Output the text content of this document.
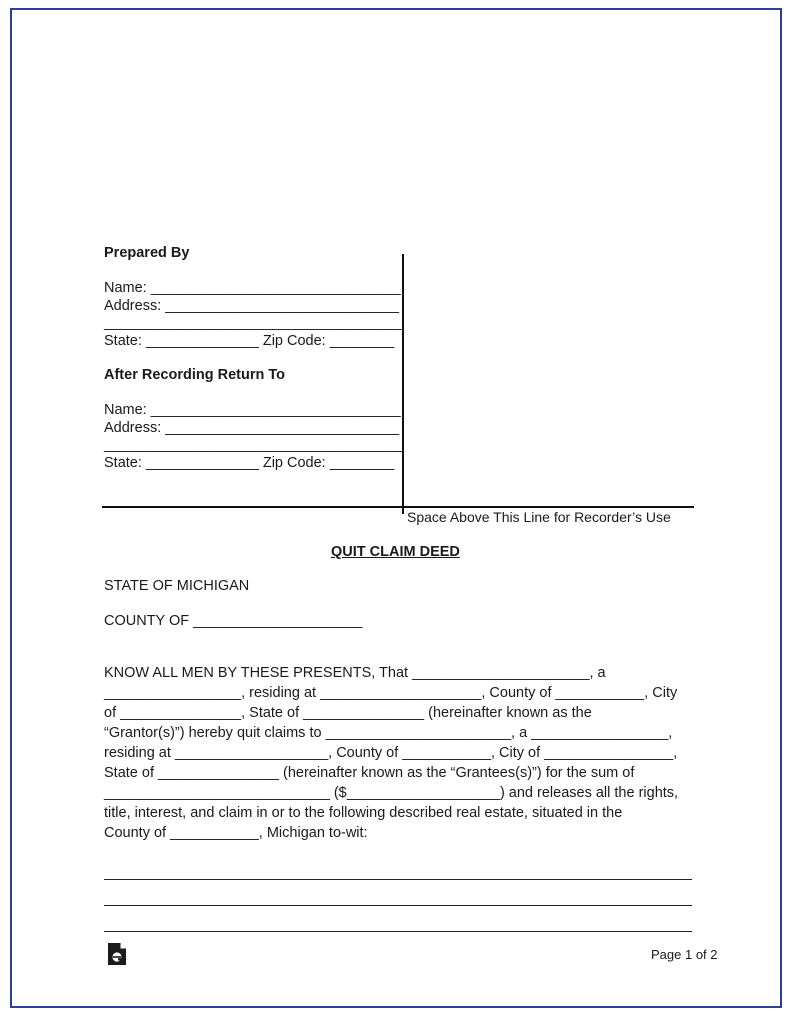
Prepared By
Name: _______________________________
Address: _____________________________
_____________________________________
State: ______________ Zip Code: ________
After Recording Return To
Name: _______________________________
Address: _____________________________
_____________________________________
State: ______________ Zip Code: ________
Space Above This Line for Recorder’s Use
QUIT CLAIM DEED
STATE OF MICHIGAN
COUNTY OF _____________________
KNOW ALL MEN BY THESE PRESENTS, That ______________________, a
_________________, residing at ____________________, County of ___________, City
of _______________, State of _______________ (hereinafter known as the
“Grantor(s)”) hereby quit claims to _______________________, a _________________,
residing at ___________________, County of ___________, City of ________________,
State of _______________ (hereinafter known as the “Grantees(s)”) for the sum of
____________________________ ($___________________) and releases all the rights,
title, interest, and claim in or to the following described real estate, situated in the
County of ___________, Michigan to-wit:
Page 1 of 2
